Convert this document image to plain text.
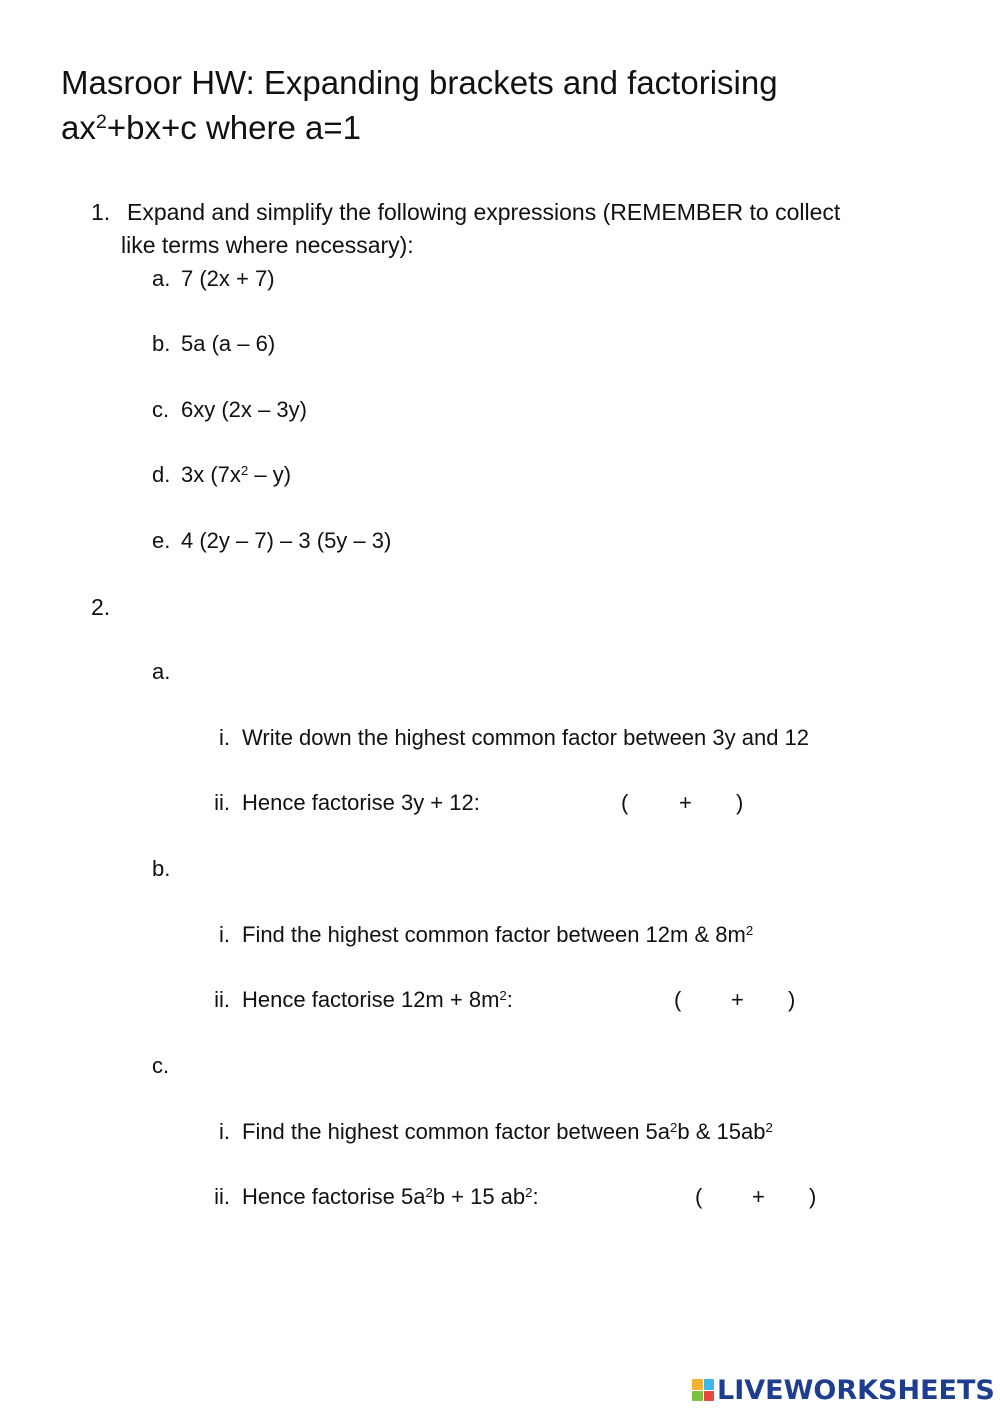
Masroor HW: Expanding brackets and factorising
$ax^2+bx+c$ where a=1
1. Expand and simplify the following expressions (REMEMBER to collect
like terms where necessary):
a. 7 (2x + 7)
b. 5a (a – 6)
c. 6xy (2x – 3y)
d. 3x $(7x^2 - y)$
e. 4 (2y – 7) – 3 (5y – 3)
2.
a.
i. Write down the highest common factor between 3y and 12
ii. Hence factorise 3y + 12:	( + )
b.
i. Find the highest common factor between 12m & $8m^2$
ii. Hence factorise $12m + 8m^2$:	( + )
c.
i. Find the highest common factor between $5a^2b$ & $15ab^2$
ii. Hence factorise $5a^2b + 15$ $ab^2$:	( + )
LIVEWORKSHEETS
